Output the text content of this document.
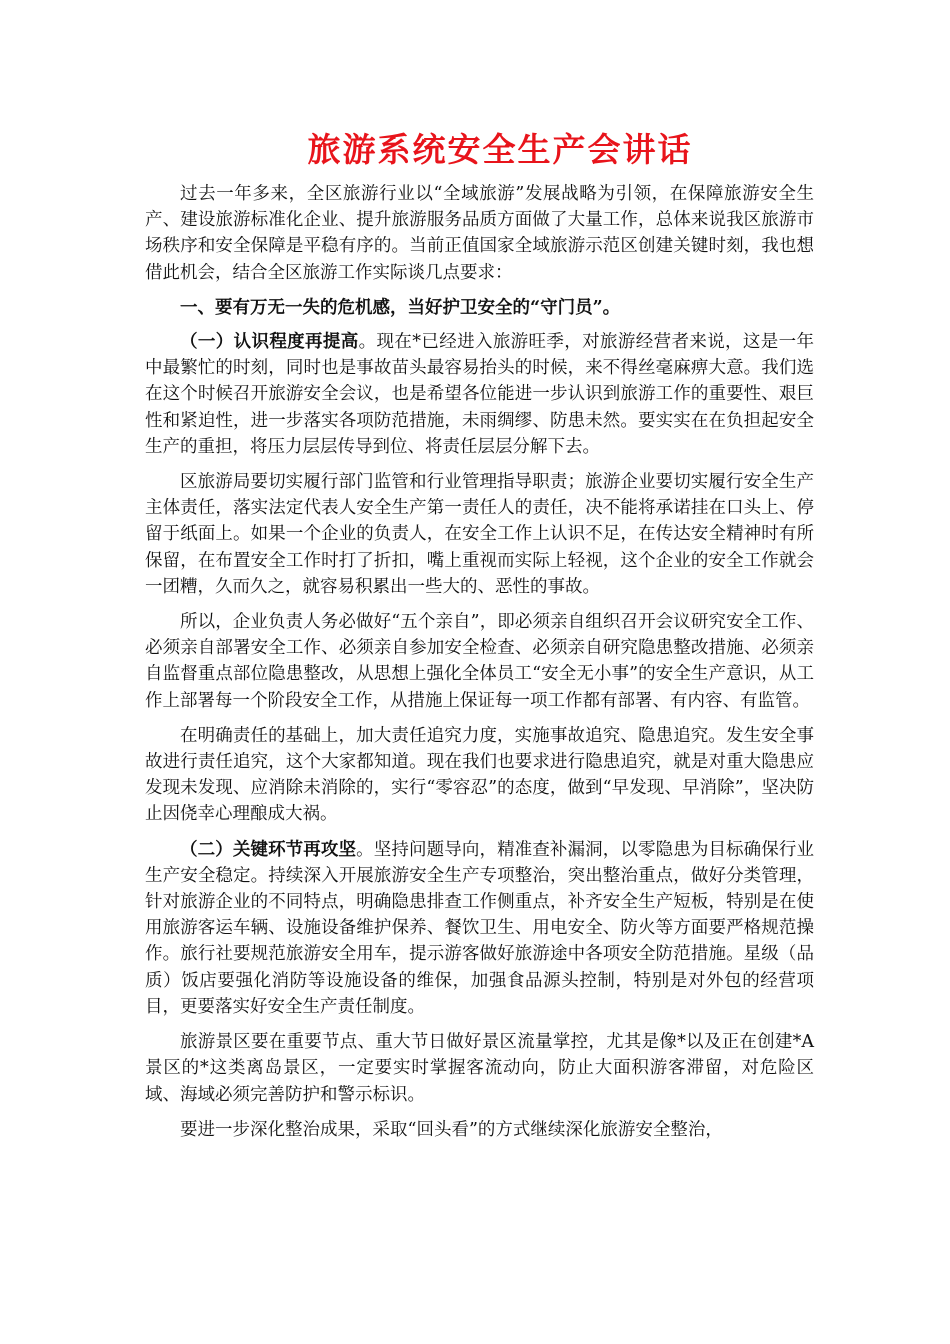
旅游系统安全生产会讲话

过去一年多来，全区旅游行业以“全域旅游”发展战略为引领，在保障旅游安全生产、建设旅游标准化企业、提升旅游服务品质方面做了大量工作，总体来说我区旅游市场秩序和安全保障是平稳有序的。当前正值国家全域旅游示范区创建关键时刻，我也想借此机会，结合全区旅游工作实际谈几点要求：

一、要有万无一失的危机感，当好护卫安全的“守门员”。

（一）认识程度再提高。现在*已经进入旅游旺季，对旅游经营者来说，这是一年中最繁忙的时刻，同时也是事故苗头最容易抬头的时候，来不得丝毫麻痹大意。我们选在这个时候召开旅游安全会议，也是希望各位能进一步认识到旅游工作的重要性、艰巨性和紧迫性，进一步落实各项防范措施，未雨绸缪、防患未然。要实实在在负担起安全生产的重担，将压力层层传导到位、将责任层层分解下去。

区旅游局要切实履行部门监管和行业管理指导职责；旅游企业要切实履行安全生产主体责任，落实法定代表人安全生产第一责任人的责任，决不能将承诺挂在口头上、停留于纸面上。如果一个企业的负责人，在安全工作上认识不足，在传达安全精神时有所保留，在布置安全工作时打了折扣，嘴上重视而实际上轻视，这个企业的安全工作就会一团糟，久而久之，就容易积累出一些大的、恶性的事故。

所以，企业负责人务必做好“五个亲自”，即必须亲自组织召开会议研究安全工作、必须亲自部署安全工作、必须亲自参加安全检查、必须亲自研究隐患整改措施、必须亲自监督重点部位隐患整改，从思想上强化全体员工“安全无小事”的安全生产意识，从工作上部署每一个阶段安全工作，从措施上保证每一项工作都有部署、有内容、有监管。

在明确责任的基础上，加大责任追究力度，实施事故追究、隐患追究。发生安全事故进行责任追究，这个大家都知道。现在我们也要求进行隐患追究，就是对重大隐患应发现未发现、应消除未消除的，实行“零容忍”的态度，做到“早发现、早消除”，坚决防止因侥幸心理酿成大祸。

（二）关键环节再攻坚。坚持问题导向，精准查补漏洞，以零隐患为目标确保行业生产安全稳定。持续深入开展旅游安全生产专项整治，突出整治重点，做好分类管理，针对旅游企业的不同特点，明确隐患排查工作侧重点，补齐安全生产短板，特别是在使用旅游客运车辆、设施设备维护保养、餐饮卫生、用电安全、防火等方面要严格规范操作。旅行社要规范旅游安全用车，提示游客做好旅游途中各项安全防范措施。星级（品质）饭店要强化消防等设施设备的维保，加强食品源头控制，特别是对外包的经营项目，更要落实好安全生产责任制度。

旅游景区要在重要节点、重大节日做好景区流量掌控，尤其是像*以及正在创建*A景区的*这类离岛景区，一定要实时掌握客流动向，防止大面积游客滞留，对危险区域、海域必须完善防护和警示标识。

要进一步深化整治成果，采取“回头看”的方式继续深化旅游安全整治，
